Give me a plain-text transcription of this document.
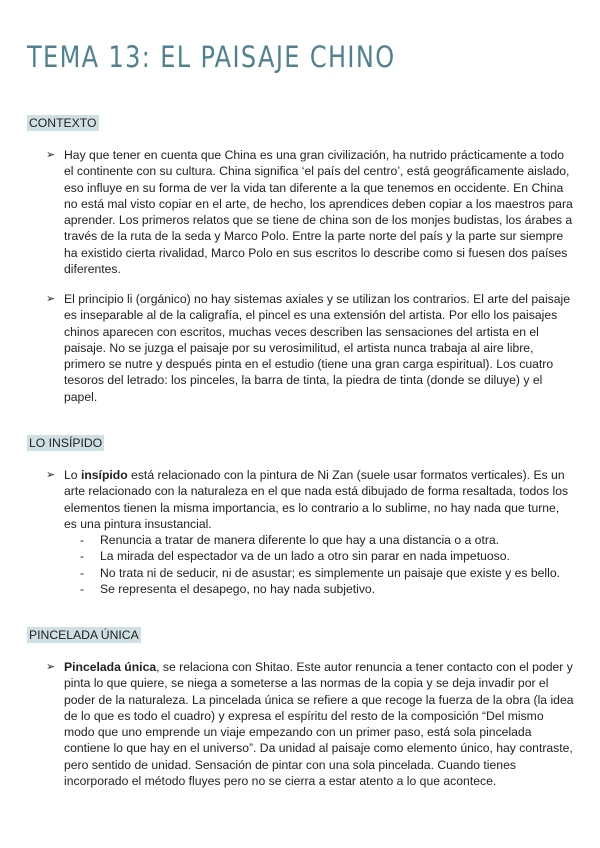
TEMA 13: EL PAISAJE CHINO
CONTEXTO
➢ Hay que tener en cuenta que China es una gran civilización, ha nutrido prácticamente a todo el continente con su cultura. China significa ‘el país del centro’, está geográficamente aislado, eso influye en su forma de ver la vida tan diferente a la que tenemos en occidente. En China no está mal visto copiar en el arte, de hecho, los aprendices deben copiar a los maestros para aprender. Los primeros relatos que se tiene de china son de los monjes budistas, los árabes a través de la ruta de la seda y Marco Polo. Entre la parte norte del país y la parte sur siempre ha existido cierta rivalidad, Marco Polo en sus escritos lo describe como si fuesen dos países diferentes.
➢ El principio li (orgánico) no hay sistemas axiales y se utilizan los contrarios. El arte del paisaje es inseparable al de la caligrafía, el pincel es una extensión del artista. Por ello los paisajes chinos aparecen con escritos, muchas veces describen las sensaciones del artista en el paisaje. No se juzga el paisaje por su verosimilitud, el artista nunca trabaja al aire libre, primero se nutre y después pinta en el estudio (tiene una gran carga espiritual). Los cuatro tesoros del letrado: los pinceles, la barra de tinta, la piedra de tinta (donde se diluye) y el papel.
LO INSÍPIDO
➢ Lo insípido está relacionado con la pintura de Ni Zan (suele usar formatos verticales). Es un arte relacionado con la naturaleza en el que nada está dibujado de forma resaltada, todos los elementos tienen la misma importancia, es lo contrario a lo sublime, no hay nada que turne, es una pintura insustancial.
- Renuncia a tratar de manera diferente lo que hay a una distancia o a otra.
- La mirada del espectador va de un lado a otro sin parar en nada impetuoso.
- No trata ni de seducir, ni de asustar; es simplemente un paisaje que existe y es bello.
- Se representa el desapego, no hay nada subjetivo.
PINCELADA ÚNICA
➢ Pincelada única, se relaciona con Shitao. Este autor renuncia a tener contacto con el poder y pinta lo que quiere, se niega a someterse a las normas de la copia y se deja invadir por el poder de la naturaleza. La pincelada única se refiere a que recoge la fuerza de la obra (la idea de lo que es todo el cuadro) y expresa el espíritu del resto de la composición “Del mismo modo que uno emprende un viaje empezando con un primer paso, está sola pincelada contiene lo que hay en el universo”. Da unidad al paisaje como elemento único, hay contraste, pero sentido de unidad. Sensación de pintar con una sola pincelada. Cuando tienes incorporado el método fluyes pero no se cierra a estar atento a lo que acontece.
